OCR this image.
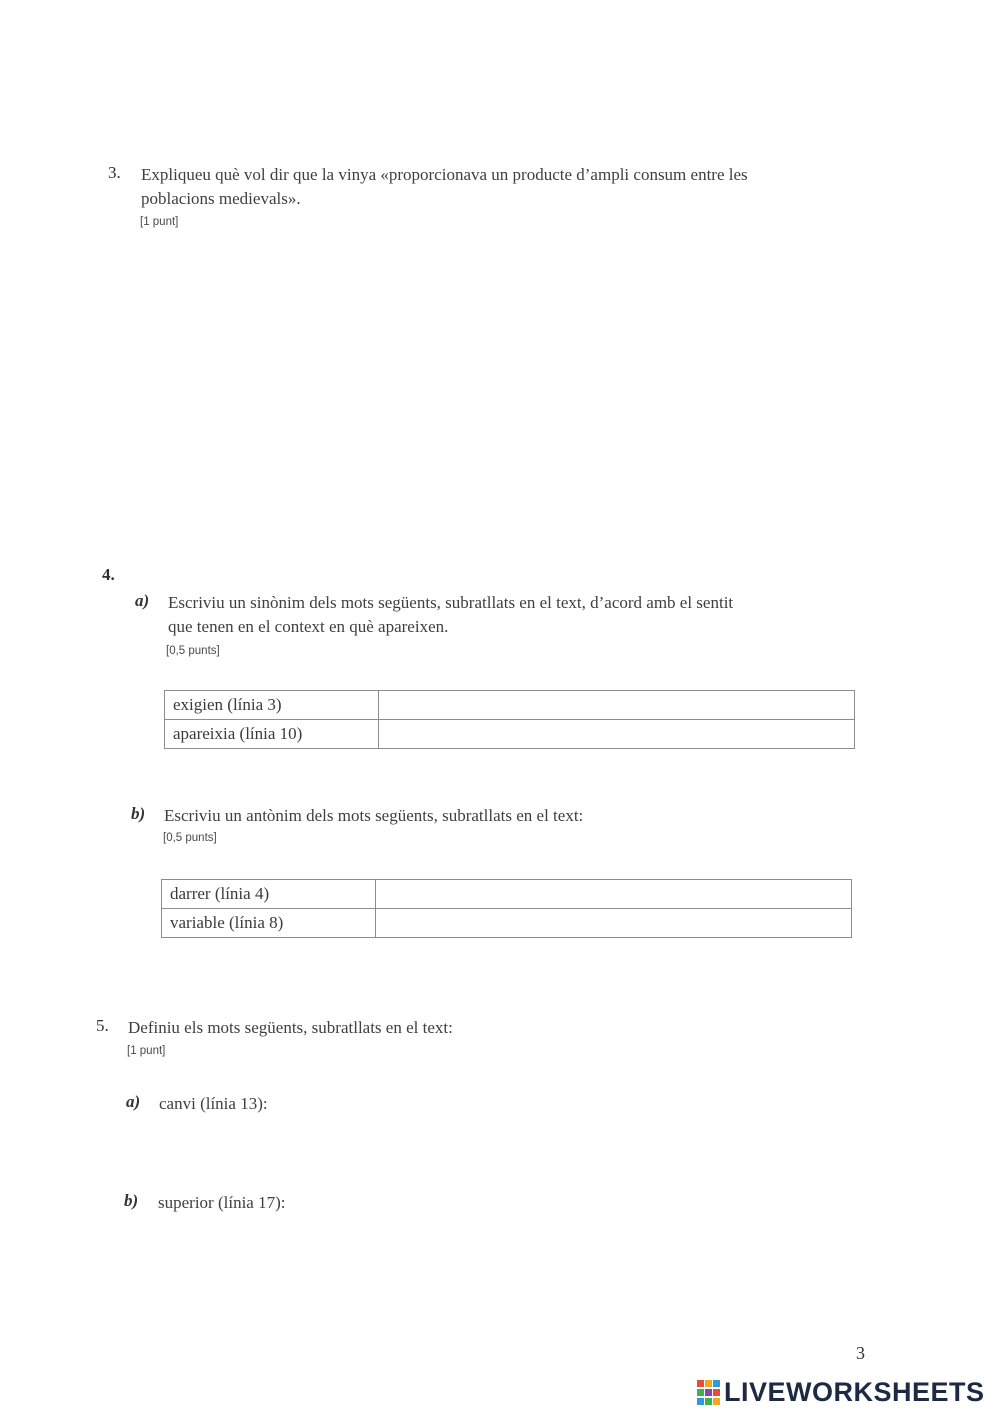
3. Expliqueu què vol dir que la vinya «proporcionava un producte d’ampli consum entre les
poblacions medievals».
[1 punt]
4.
a) Escriviu un sinònim dels mots següents, subratllats en el text, d’acord amb el sentit
que tenen en el context en què apareixen.
[0,5 punts]
exigien (línia 3)	
apareixia (línia 10)	
b) Escriviu un antònim dels mots següents, subratllats en el text:
[0,5 punts]
darrer (línia 4)	
variable (línia 8)	
5. Definiu els mots següents, subratllats en el text:
[1 punt]
a) canvi (línia 13):
b) superior (línia 17):
3
LIVEWORKSHEETS
